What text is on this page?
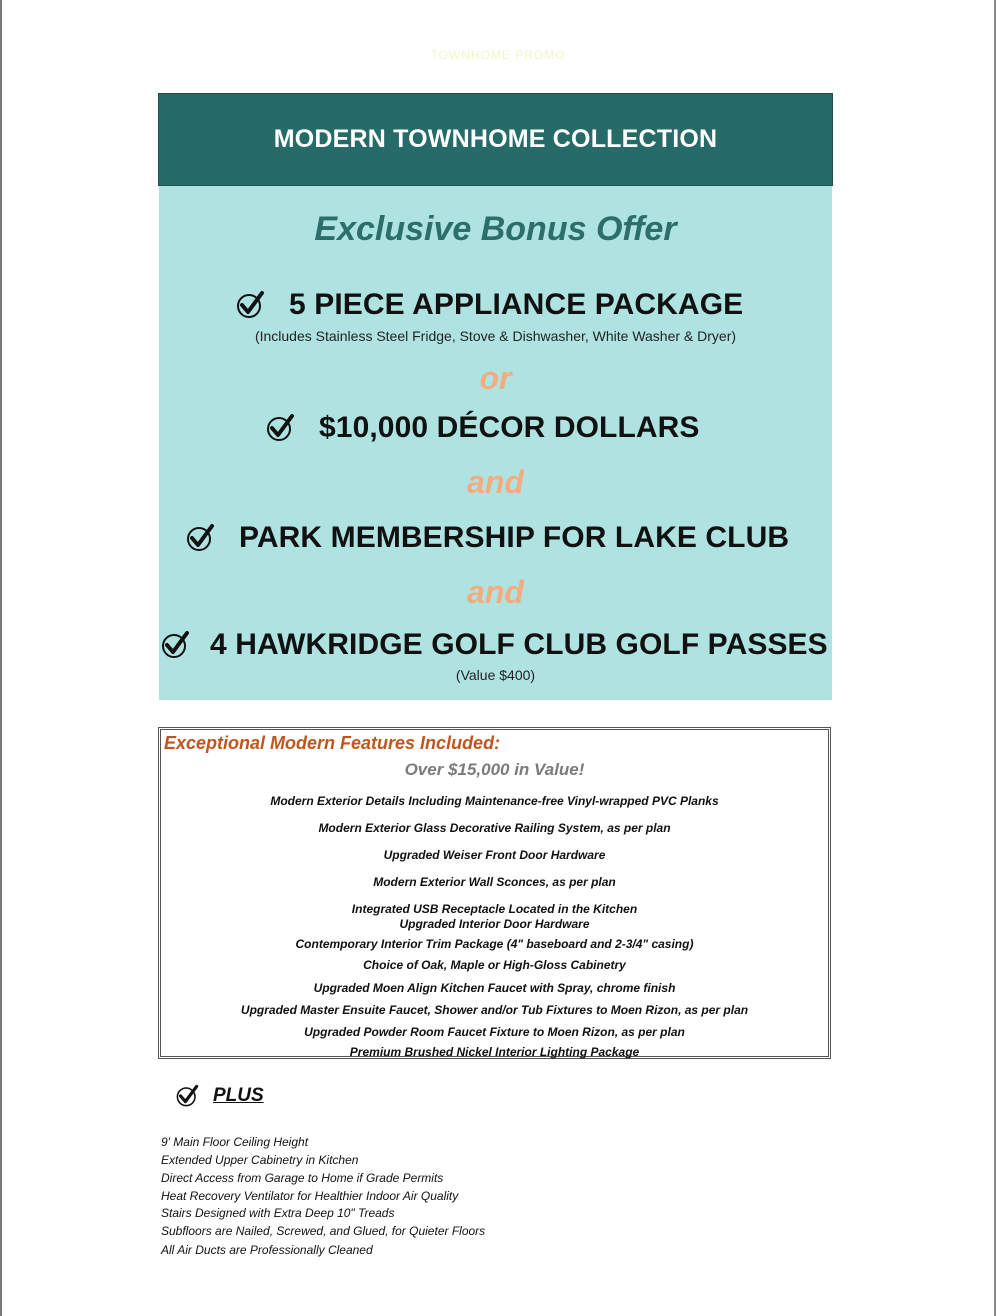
TOWNHOME PROMO
MODERN TOWNHOME COLLECTION
Exclusive Bonus Offer
5 PIECE APPLIANCE PACKAGE
(Includes Stainless Steel Fridge, Stove & Dishwasher, White Washer & Dryer)
or
$10,000 DÉCOR DOLLARS
and
PARK MEMBERSHIP FOR LAKE CLUB
and
4 HAWKRIDGE GOLF CLUB GOLF PASSES
(Value $400)
Exceptional Modern Features Included:
Over $15,000 in Value!
Modern Exterior Details Including Maintenance-free Vinyl-wrapped PVC Planks
Modern Exterior Glass Decorative Railing System, as per plan
Upgraded Weiser Front Door Hardware
Modern Exterior Wall Sconces, as per plan
Integrated USB Receptacle Located in the Kitchen
Upgraded Interior Door Hardware
Contemporary Interior Trim Package (4" baseboard and 2-3/4" casing)
Choice of Oak, Maple or High-Gloss Cabinetry
Upgraded Moen Align Kitchen Faucet with Spray, chrome finish
Upgraded Master Ensuite Faucet, Shower and/or Tub Fixtures to Moen Rizon, as per plan
Upgraded Powder Room Faucet Fixture to Moen Rizon, as per plan
Premium Brushed Nickel Interior Lighting Package
PLUS
9' Main Floor Ceiling Height
Extended Upper Cabinetry in Kitchen
Direct Access from Garage to Home if Grade Permits
Heat Recovery Ventilator for Healthier Indoor Air Quality
Stairs Designed with Extra Deep 10" Treads
Subfloors are Nailed, Screwed, and Glued, for Quieter Floors
All Air Ducts are Professionally Cleaned
